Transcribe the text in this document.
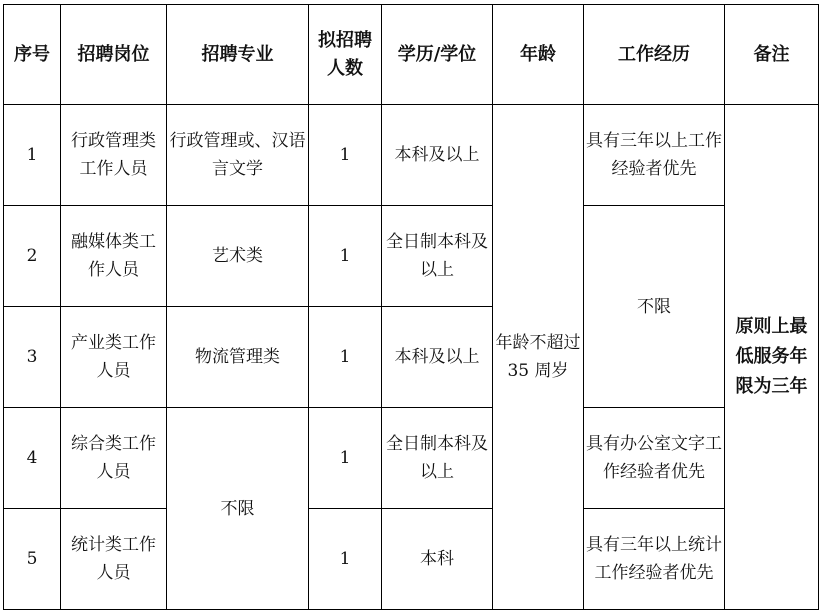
序号	招聘岗位	招聘专业	拟招聘人数	学历/学位	年龄	工作经历	备注
1	行政管理类工作人员	行政管理或、汉语言文学	1	本科及以上	年龄不超过 35 周岁	具有三年以上工作经验者优先	原则上最低服务年限为三年
2	融媒体类工作人员	艺术类	1	全日制本科及以上		不限	
3	产业类工作人员	物流管理类	1	本科及以上			
4	综合类工作人员	不限	1	全日制本科及以上		具有办公室文字工作经验者优先	
5	统计类工作人员		1	本科		具有三年以上统计工作经验者优先	
